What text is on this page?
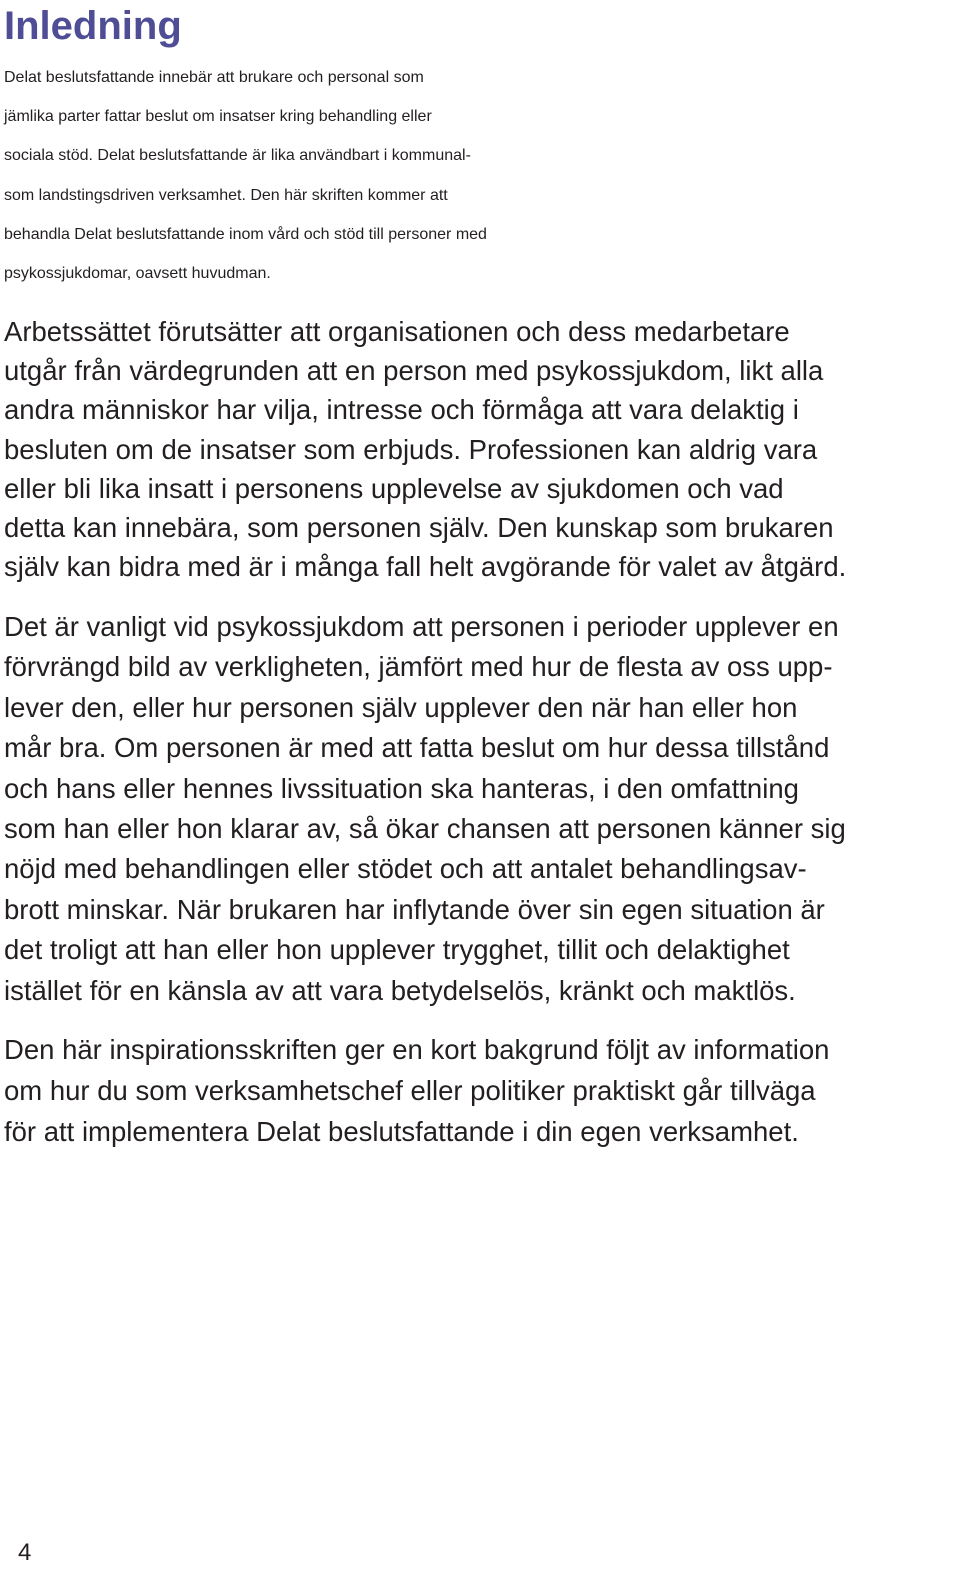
Inledning

Delat beslutsfattande innebär att brukare och personal som
jämlika parter fattar beslut om insatser kring behandling eller
sociala stöd. Delat beslutsfattande är lika användbart i kommunal-
som landstingsdriven verksamhet. Den här skriften kommer att
behandla Delat beslutsfattande inom vård och stöd till personer med
psykossjukdomar, oavsett huvudman.

Arbetssättet förutsätter att organisationen och dess medarbetare
utgår från värdegrunden att en person med psykossjukdom, likt alla
andra människor har vilja, intresse och förmåga att vara delaktig i
besluten om de insatser som erbjuds. Professionen kan aldrig vara
eller bli lika insatt i personens upplevelse av sjukdomen och vad
detta kan innebära, som personen själv. Den kunskap som brukaren
själv kan bidra med är i många fall helt avgörande för valet av åtgärd.

Det är vanligt vid psykossjukdom att personen i perioder upplever en
förvrängd bild av verkligheten, jämfört med hur de flesta av oss upp-
lever den, eller hur personen själv upplever den när han eller hon
mår bra. Om personen är med att fatta beslut om hur dessa tillstånd
och hans eller hennes livssituation ska hanteras, i den omfattning
som han eller hon klarar av, så ökar chansen att personen känner sig
nöjd med behandlingen eller stödet och att antalet behandlingsav-
brott minskar. När brukaren har inflytande över sin egen situation är
det troligt att han eller hon upplever trygghet, tillit och delaktighet
istället för en känsla av att vara betydelselös, kränkt och maktlös.

Den här inspirationsskriften ger en kort bakgrund följt av information
om hur du som verksamhetschef eller politiker praktiskt går tillväga
för att implementera Delat beslutsfattande i din egen verksamhet.

4
